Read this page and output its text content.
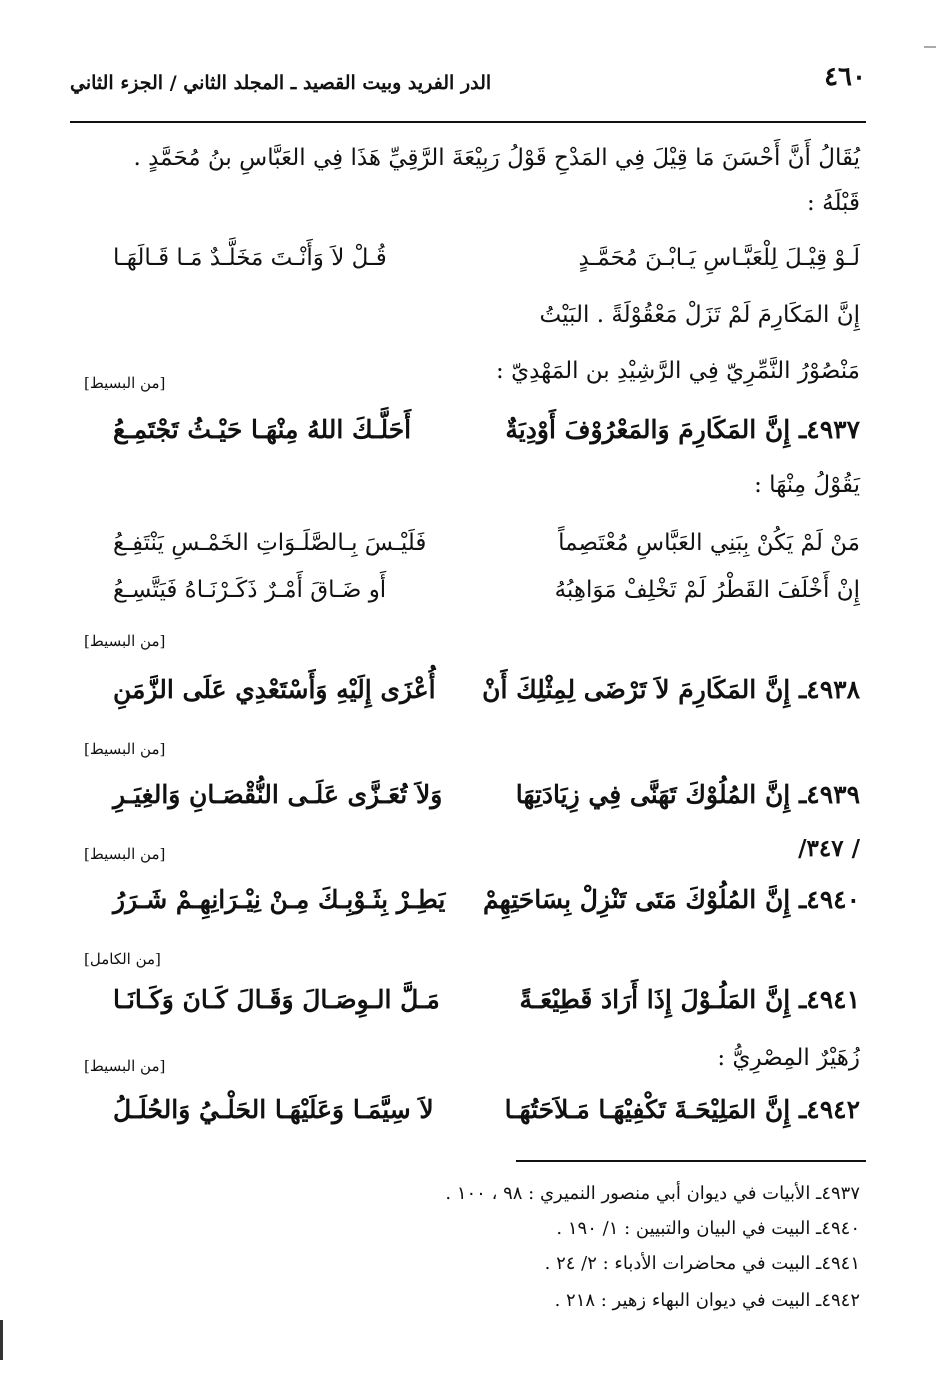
٤٦٠
الدر الفريد وبيت القصيد ـ المجلد الثاني / الجزء الثاني
يُقَالُ أَنَّ أَحْسَنَ مَا قِيْلَ فِي المَدْحِ قَوْلُ رَبِيْعَةَ الرَّقِيِّ هَذَا فِي العَبَّاسِ بنُ مُحَمَّدٍ .
قَبْلَهُ :
لَـوْ قِيْـلَ لِلْعَبَّـاسِ يَـابْـنَ مُحَمَّـدٍ
قُـلْ لاَ وَأَنْـتَ مَخَلَّـدٌ مَـا قَـالَهَـا
إِنَّ المَكَارِمَ لَمْ تَزَلْ مَعْقُوْلَةً . البَيْتُ
مَنْصُوْرُ النَّمِّرِيّ فِي الرَّشِيْدِ بن المَهْدِيّ :
[من البسيط]
٤٩٣٧ـ إِنَّ المَكَارِمَ وَالمَعْرُوْفَ أَوْدِيَةٌ
أَحَلَّـكَ اللهُ مِنْهَـا حَيْـثُ تَجْتَمِـعُ
يَقُوْلُ مِنْهَا :
مَنْ لَمْ يَكُنْ بِبَنِي العَبَّاسِ مُعْتَصِماً
فَلَيْـسَ بِـالصَّلَـوَاتِ الخَمْـسِ يَنْتَفِـعُ
إِنْ أَخْلَفَ القَطْرُ لَمْ تَخْلِفْ مَوَاهِبُهُ
أَو ضَـاقَ أَمْـرٌ ذَكَـرْنَـاهُ فَيَتَّسِـعُ
[من البسيط]
٤٩٣٨ـ إِنَّ المَكَارِمَ لاَ تَرْضَى لِمِثْلِكَ أَنْ
أُعْزَى إِلَيْهِ وَأَسْتَعْدِي عَلَى الزَّمَنِ
[من البسيط]
٤٩٣٩ـ إِنَّ المُلُوْكَ تَهَنَّى فِي زِيَادَتِهَا
وَلاَ تُعَـزَّى عَلَـى النُّقْصَـانِ وَالغِيَـرِ
/ ٣٤٧/
[من البسيط]
٤٩٤٠ـ إِنَّ المُلُوْكَ مَتَى تَنْزِلْ بِسَاحَتِهِمْ
يَطِـرْ بِثَـوْبِـكَ مِـنْ نِيْـرَانِهِـمْ شَـرَرُ
[من الكامل]
٤٩٤١ـ إِنَّ المَلُـوْلَ إِذَا أَرَادَ قَطِيْعَـةً
مَـلَّ الـوِصَـالَ وَقَـالَ كَـانَ وَكَـانَـا
زُهَيْرٌ المِصْرِيُّ :
[من البسيط]
٤٩٤٢ـ إِنَّ المَلِيْحَـةَ تَكْفِيْهَـا مَـلاَحَتُهَـا
لاَ سِيَّمَـا وَعَلَيْهَـا الحَلْـيُ وَالحُلَـلُ
٤٩٣٧ـ الأبيات في ديوان أبي منصور النميري : ٩٨ ، ١٠٠ .
٤٩٤٠ـ البيت في البيان والتبيين : ١/ ١٩٠ .
٤٩٤١ـ البيت في محاضرات الأدباء : ٢/ ٢٤ .
٤٩٤٢ـ البيت في ديوان البهاء زهير : ٢١٨ .
